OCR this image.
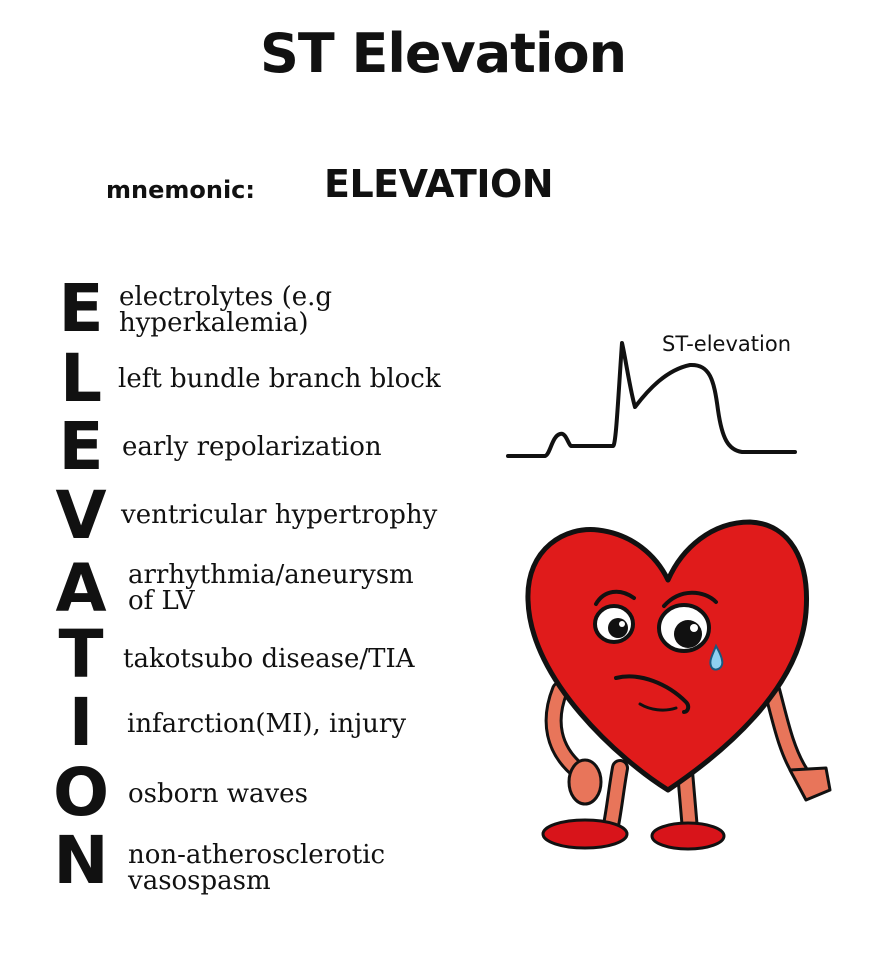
ST Elevation
mnemonic: ELEVATION
E
L
E
V
A
T
I
O
N
electrolytes (e.g
hyperkalemia)
left bundle branch block
early repolarization
ventricular hypertrophy
arrhythmia/aneurysm
of LV
takotsubo disease/TIA
infarction(MI), injury
osborn waves
non-atherosclerotic
vasospasm
ST-elevation
